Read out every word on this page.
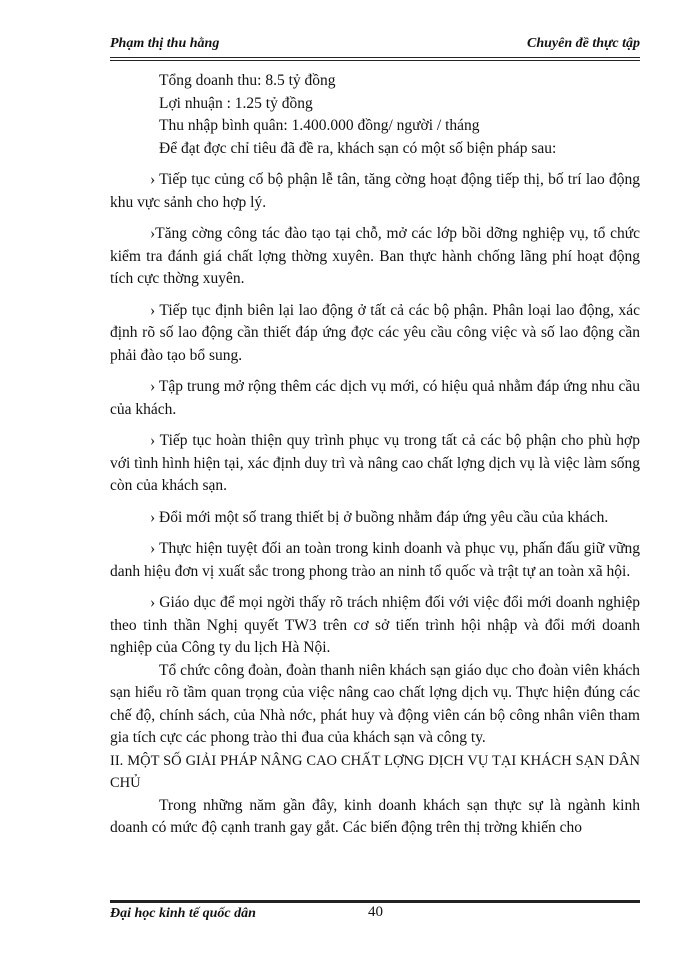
Phạm thị thu hằng	Chuyên đề thực tập

Tổng doanh thu: 8.5 tỷ đồng

Lợi nhuận : 1.25 tỷ đồng

Thu nhập bình quân: 1.400.000 đồng/ người / tháng

Để đạt đợc chỉ tiêu đã đề ra, khách sạn có một số biện pháp sau:

› Tiếp tục củng cố bộ phận lễ tân, tăng cờng hoạt động tiếp thị, bố trí lao động khu vực sảnh cho hợp lý.

›Tăng cờng công tác đào tạo tại chỗ, mở các lớp bồi dỡng nghiệp vụ, tổ chức kiểm tra đánh giá chất lợng thờng xuyên. Ban thực hành chống lãng phí hoạt động tích cực thờng xuyên.

› Tiếp tục định biên lại lao động ở tất cả các bộ phận. Phân loại lao động, xác định rõ số lao động cần thiết đáp ứng đợc các yêu cầu công việc và số lao động cần phải đào tạo bổ sung.

› Tập trung mở rộng thêm các dịch vụ mới, có hiệu quả nhằm đáp ứng nhu cầu của khách.

› Tiếp tục hoàn thiện quy trình phục vụ trong tất cả các bộ phận cho phù hợp với tình hình hiện tại, xác định duy trì và nâng cao chất lợng dịch vụ là việc làm sống còn của khách sạn.

› Đổi mới một số trang thiết bị ở buồng nhằm đáp ứng yêu cầu của khách.

› Thực hiện tuyệt đối an toàn trong kinh doanh và phục vụ, phấn đấu giữ vững danh hiệu đơn vị xuất sắc trong phong trào an ninh tổ quốc và trật tự an toàn xã hội.

› Giáo dục để mọi ngời thấy rõ trách nhiệm đối với việc đổi mới doanh nghiệp theo tinh thần Nghị quyết TW3 trên cơ sở tiến trình hội nhập và đổi mới doanh nghiệp của Công ty du lịch Hà Nội.

Tổ chức công đoàn, đoàn thanh niên khách sạn giáo dục cho đoàn viên khách sạn hiểu rõ tầm quan trọng của việc nâng cao chất lợng dịch vụ. Thực hiện đúng các chế độ, chính sách, của Nhà nớc, phát huy và động viên cán bộ công nhân viên tham gia tích cực các phong trào thi đua của khách sạn và công ty.

II. MỘT SỐ GIẢI PHÁP NÂNG CAO CHẤT LỢNG DỊCH VỤ TẠI KHÁCH SẠN DÂN CHỦ

Trong những năm gần đây, kinh doanh khách sạn thực sự là ngành kinh doanh có mức độ cạnh tranh gay gắt. Các biến động trên thị trờng khiến cho

Đại học kinh tế quốc dân	40
